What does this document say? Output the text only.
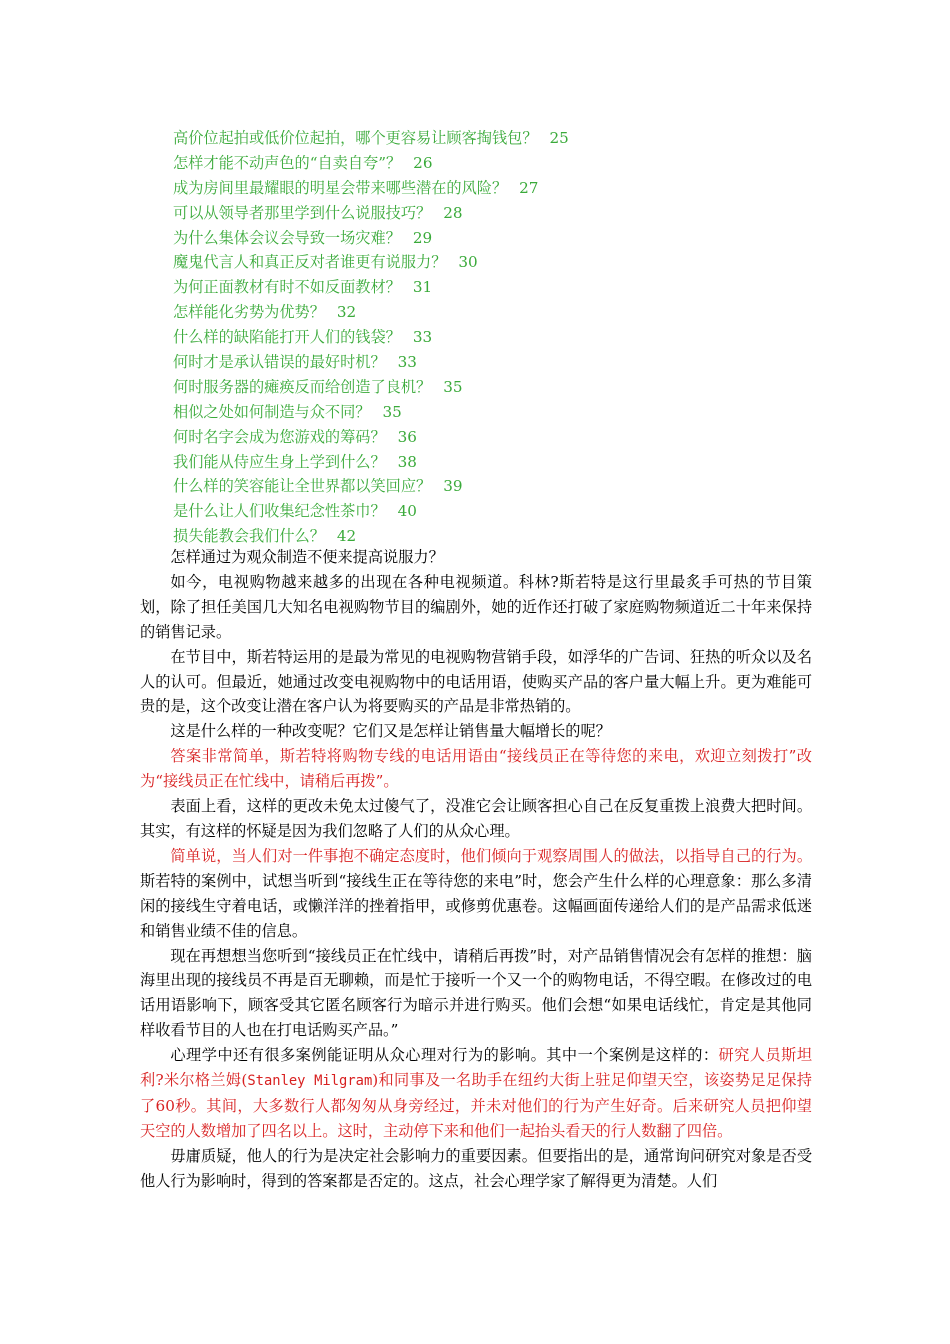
高价位起拍或低价位起拍，哪个更容易让顾客掏钱包？ 25
怎样才能不动声色的“自卖自夸”？ 26
成为房间里最耀眼的明星会带来哪些潜在的风险？ 27
可以从领导者那里学到什么说服技巧？ 28
为什么集体会议会导致一场灾难？ 29
魔鬼代言人和真正反对者谁更有说服力？ 30
为何正面教材有时不如反面教材？ 31
怎样能化劣势为优势？ 32
什么样的缺陷能打开人们的钱袋？ 33
何时才是承认错误的最好时机？ 33
何时服务器的瘫痪反而给创造了良机？ 35
相似之处如何制造与众不同？ 35
何时名字会成为您游戏的筹码？ 36
我们能从侍应生身上学到什么？ 38
什么样的笑容能让全世界都以笑回应？ 39
是什么让人们收集纪念性茶巾？ 40
损失能教会我们什么？ 42

怎样通过为观众制造不便来提高说服力？

如今，电视购物越来越多的出现在各种电视频道。科林?斯若特是这行里最炙手可热的节目策划，除了担任美国几大知名电视购物节目的编剧外，她的近作还打破了家庭购物频道近二十年来保持的销售记录。

在节目中，斯若特运用的是最为常见的电视购物营销手段，如浮华的广告词、狂热的听众以及名人的认可。但最近，她通过改变电视购物中的电话用语，使购买产品的客户量大幅上升。更为难能可贵的是，这个改变让潜在客户认为将要购买的产品是非常热销的。

这是什么样的一种改变呢？它们又是怎样让销售量大幅增长的呢？

答案非常简单，斯若特将购物专线的电话用语由“接线员正在等待您的来电，欢迎立刻拨打”改为“接线员正在忙线中，请稍后再拨”。

表面上看，这样的更改未免太过傻气了，没准它会让顾客担心自己在反复重拨上浪费大把时间。其实，有这样的怀疑是因为我们忽略了人们的从众心理。

简单说，当人们对一件事抱不确定态度时，他们倾向于观察周围人的做法，以指导自己的行为。斯若特的案例中，试想当听到“接线生正在等待您的来电”时，您会产生什么样的心理意象：那么多清闲的接线生守着电话，或懒洋洋的挫着指甲，或修剪优惠卷。这幅画面传递给人们的是产品需求低迷和销售业绩不佳的信息。

现在再想想当您听到“接线员正在忙线中，请稍后再拨”时，对产品销售情况会有怎样的推想：脑海里出现的接线员不再是百无聊赖，而是忙于接听一个又一个的购物电话，不得空暇。在修改过的电话用语影响下，顾客受其它匿名顾客行为暗示并进行购买。他们会想“如果电话线忙，肯定是其他同样收看节目的人也在打电话购买产品。”

心理学中还有很多案例能证明从众心理对行为的影响。其中一个案例是这样的：研究人员斯坦利?米尔格兰姆(Stanley Milgram)和同事及一名助手在纽约大街上驻足仰望天空，该姿势足足保持了60秒。其间，大多数行人都匆匆从身旁经过，并未对他们的行为产生好奇。后来研究人员把仰望天空的人数增加了四名以上。这时，主动停下来和他们一起抬头看天的行人数翻了四倍。

毋庸质疑，他人的行为是决定社会影响力的重要因素。但要指出的是，通常询问研究对象是否受他人行为影响时，得到的答案都是否定的。这点，社会心理学家了解得更为清楚。人们
